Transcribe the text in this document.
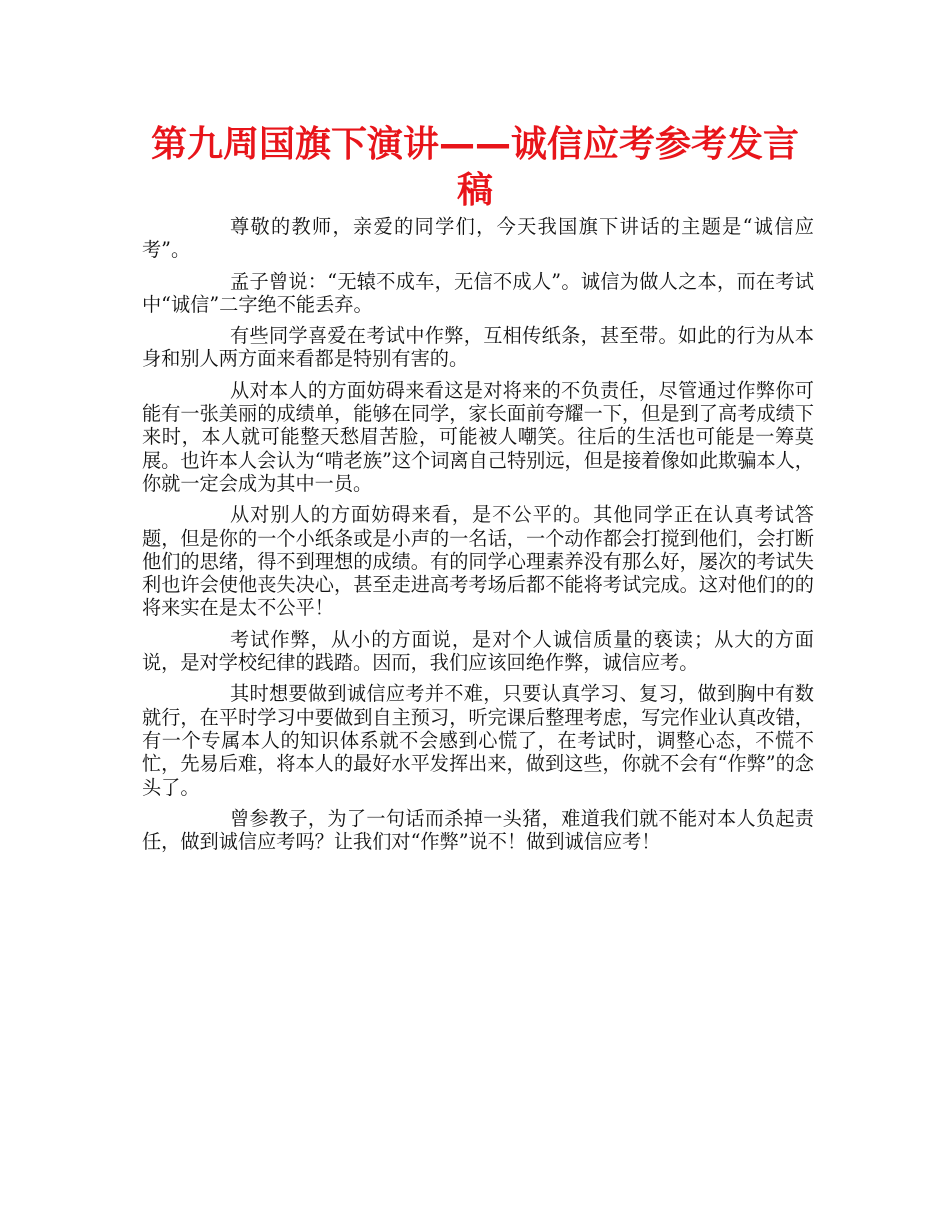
第九周国旗下演讲——诚信应考参考发言稿

尊敬的教师，亲爱的同学们，今天我国旗下讲话的主题是“诚信应考”。

孟子曾说：“无辕不成车，无信不成人”。诚信为做人之本，而在考试中“诚信”二字绝不能丢弃。

有些同学喜爱在考试中作弊，互相传纸条，甚至带。如此的行为从本身和别人两方面来看都是特别有害的。

从对本人的方面妨碍来看这是对将来的不负责任，尽管通过作弊你可能有一张美丽的成绩单，能够在同学，家长面前夸耀一下，但是到了高考成绩下来时，本人就可能整天愁眉苦脸，可能被人嘲笑。往后的生活也可能是一筹莫展。也许本人会认为“啃老族”这个词离自己特别远，但是接着像如此欺骗本人，你就一定会成为其中一员。

从对别人的方面妨碍来看，是不公平的。其他同学正在认真考试答题，但是你的一个小纸条或是小声的一名话，一个动作都会打搅到他们，会打断他们的思绪，得不到理想的成绩。有的同学心理素养没有那么好，屡次的考试失利也许会使他丧失决心，甚至走进高考考场后都不能将考试完成。这对他们的的将来实在是太不公平！

考试作弊，从小的方面说，是对个人诚信质量的亵读；从大的方面说，是对学校纪律的践踏。因而，我们应该回绝作弊，诚信应考。

其时想要做到诚信应考并不难，只要认真学习、复习，做到胸中有数就行，在平时学习中要做到自主预习，听完课后整理考虑，写完作业认真改错，有一个专属本人的知识体系就不会感到心慌了，在考试时，调整心态，不慌不忙，先易后难，将本人的最好水平发挥出来，做到这些，你就不会有“作弊”的念头了。

曾参教子，为了一句话而杀掉一头猪，难道我们就不能对本人负起责任，做到诚信应考吗？让我们对“作弊”说不！做到诚信应考！
